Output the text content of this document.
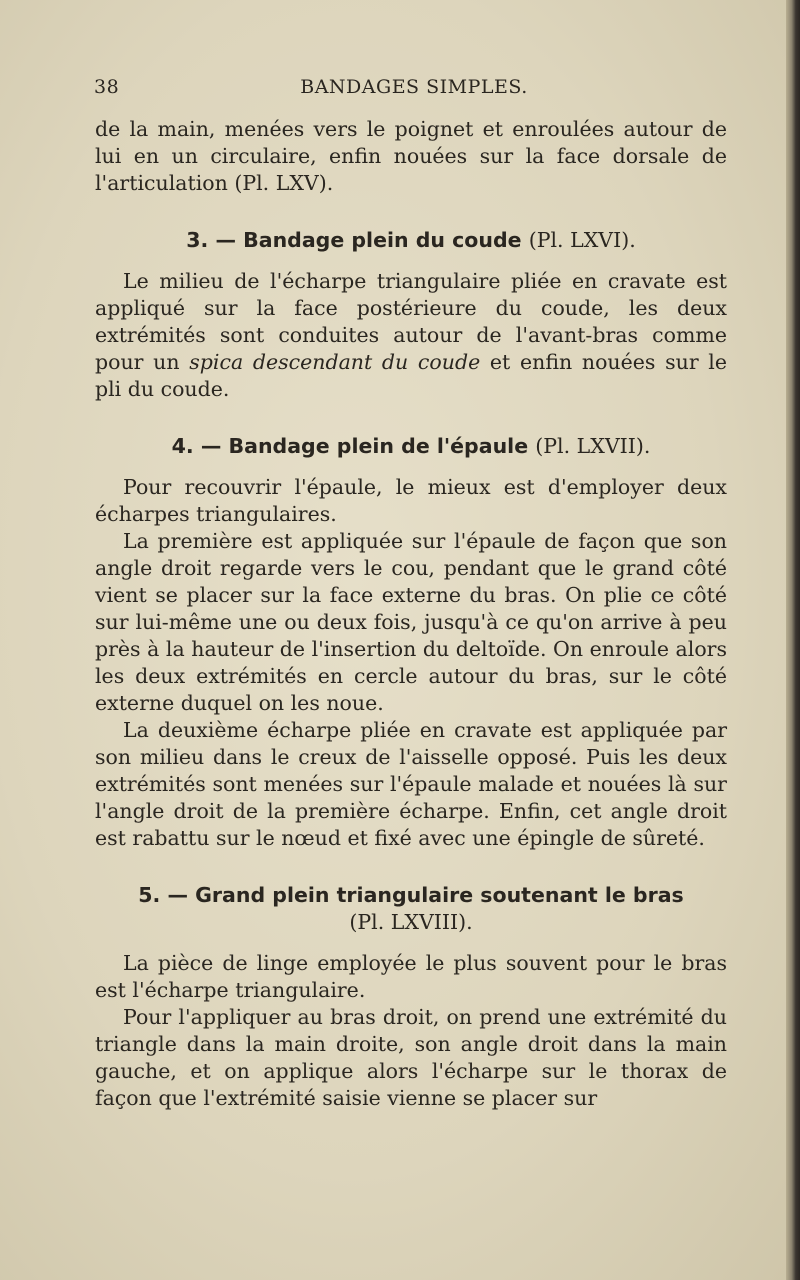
38	BANDAGES SIMPLES.

de la main, menées vers le poignet et enroulées autour de lui en un circulaire, enfin nouées sur la face dorsale de l'articulation (Pl. LXV).

3. — Bandage plein du coude (Pl. LXVI).

Le milieu de l'écharpe triangulaire pliée en cravate est appliqué sur la face postérieure du coude, les deux extrémités sont conduites autour de l'avant-bras comme pour un spica descendant du coude et enfin nouées sur le pli du coude.

4. — Bandage plein de l'épaule (Pl. LXVII).

Pour recouvrir l'épaule, le mieux est d'employer deux écharpes triangulaires.

La première est appliquée sur l'épaule de façon que son angle droit regarde vers le cou, pendant que le grand côté vient se placer sur la face externe du bras. On plie ce côté sur lui-même une ou deux fois, jusqu'à ce qu'on arrive à peu près à la hauteur de l'insertion du deltoïde. On enroule alors les deux extrémités en cercle autour du bras, sur le côté externe duquel on les noue.

La deuxième écharpe pliée en cravate est appliquée par son milieu dans le creux de l'aisselle opposé. Puis les deux extrémités sont menées sur l'épaule malade et nouées là sur l'angle droit de la première écharpe. Enfin, cet angle droit est rabattu sur le nœud et fixé avec une épingle de sûreté.

5. — Grand plein triangulaire soutenant le bras
(Pl. LXVIII).

La pièce de linge employée le plus souvent pour le bras est l'écharpe triangulaire.

Pour l'appliquer au bras droit, on prend une extrémité du triangle dans la main droite, son angle droit dans la main gauche, et on applique alors l'écharpe sur le thorax de façon que l'extrémité saisie vienne se placer sur
